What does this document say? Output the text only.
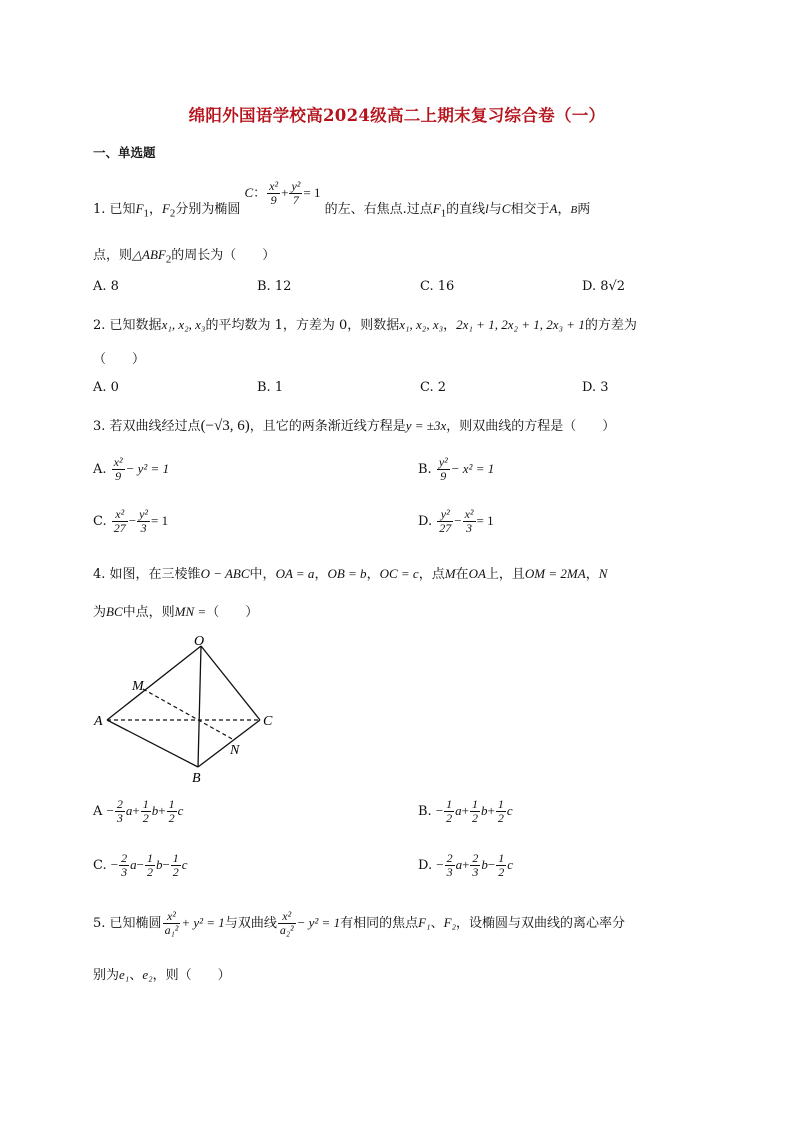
绵阳外国语学校高2024级高二上期末复习综合卷（一）
一、单选题
1. 已知$F_1$，$F_2$分别为椭圆 C： $\frac{\text{x²}}{9} + \frac{\text{y²}}{7} = 1$ 的左、右焦点.过点$F_1$的直线l与C相交于A，B两
点，则$\triangle ABF_2$的周长为（　　）
A. 8	B. 12	C. 16	D. 8√2
2. 已知数据x₁, x₂, x₃的平均数为 1，方差为 0，则数据x₁, x₂, x₃，2x₁ + 1, 2x₂ + 1, 2x₃ + 1的方差为
（　　）
A. 0	B. 1	C. 2	D. 3
3. 若双曲线经过点(−√3, 6)，且它的两条渐近线方程是y = ±3x，则双曲线的方程是（　　）
A. $\frac{\text{x²}}{9} - y^2 = 1$	B. $\frac{\text{y²}}{9} - x^2 = 1$
C. $\frac{\text{x²}}{27} - \frac{\text{y²}}{3} = 1$	D. $\frac{\text{y²}}{27} - \frac{\text{x²}}{3} = 1$
4. 如图，在三棱锥O − ABC中，OA = a，OB = b，OC = c，点M在OA上，且OM = 2MA，N
为BC中点，则MN =（　　）
O
M
A	C
N
B
$A - \frac{2}{3} a+ \frac{1}{2} b+ \frac{1}{2}$ c	B. − $\frac{1}{2} a+ \frac{1}{2} b+ \frac{1}{2}$ c
C. − $\frac{2}{3} a- \frac{1}{2} b- \frac{1}{2}$ c	D. − $\frac{2}{3} a+ \frac{2}{3} b- \frac{1}{2}$ c
5. 已知椭圆 $\frac{\text{x²}}{\text{a₁²}} + y^2 = 1$与双曲线 $\frac{\text{x²}}{\text{a₂²}} - y^2 = 1$有相同的焦点F₁、F₂，设椭圆与双曲线的离心率分
别为e₁、e₂，则（　　）
